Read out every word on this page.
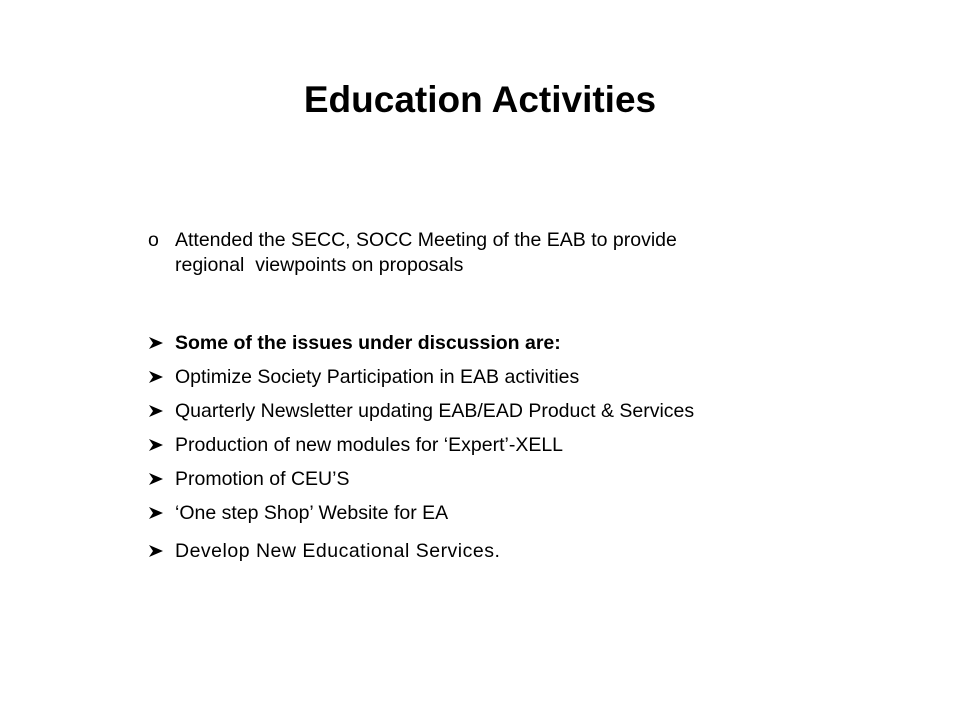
Education Activities
o Attended the SECC, SOCC Meeting of the EAB to provide regional  viewpoints on proposals
Some of the issues under discussion are:
Optimize Society Participation in EAB activities
Quarterly Newsletter updating EAB/EAD Product & Services
Production of new modules for ‘Expert’-XELL
Promotion of CEU’S
‘One step Shop’ Website for EA
Develop New Educational Services.
